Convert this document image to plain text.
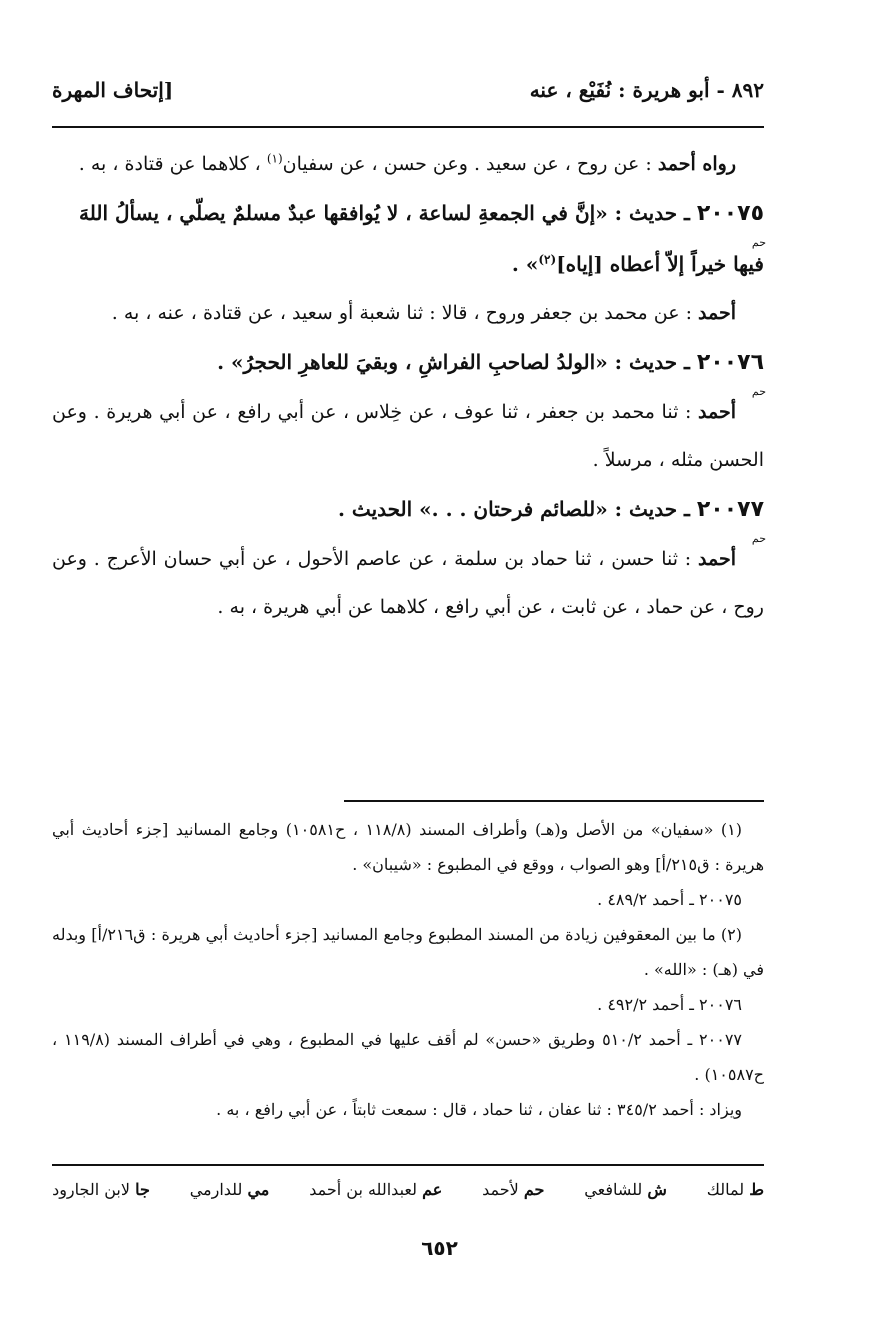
٨٩٢ - أبو هريرة : نُفَيْع ، عنه
[إتحاف المهرة

رواه أحمد : عن روح ، عن سعيد . وعن حسن ، عن سفيان$^{(١)}$ ، كلاهما عن قتادة ، به .

٢٠٠٧٥ ـ حديث : «إنَّ في الجمعةِ لساعة ، لا يُوافقها عبدٌ مسلمٌ يصلّي ، يسألُ اللهَ فيها خيراً إلاّ أعطاه [إياه]$^{(٢)}$» .
حم

أحمد : عن محمد بن جعفر وروح ، قالا : ثنا شعبة أو سعيد ، عن قتادة ، عنه ، به .

٢٠٠٧٦ ـ حديث : «الولدُ لصاحبِ الفراشِ ، وبقيَ للعاهرِ الحجرُ» .
حم

أحمد : ثنا محمد بن جعفر ، ثنا عوف ، عن خِلاس ، عن أبي رافع ، عن أبي هريرة . وعن الحسن مثله ، مرسلاً .

٢٠٠٧٧ ـ حديث : «للصائم فرحتان . . .» الحديث .
حم

أحمد : ثنا حسن ، ثنا حماد بن سلمة ، عن عاصم الأحول ، عن أبي حسان الأعرج . وعن روح ، عن حماد ، عن ثابت ، عن أبي رافع ، كلاهما عن أبي هريرة ، به .

(١) «سفيان» من الأصل و(هـ) وأطراف المسند (١١٨/٨ ، ح١٠٥٨١) وجامع المسانيد [جزء أحاديث أبي هريرة : ق٢١٥/أ] وهو الصواب ، ووقع في المطبوع : «شيبان» .

٢٠٠٧٥ ـ أحمد ٤٨٩/٢ .

(٢) ما بين المعقوفين زيادة من المسند المطبوع وجامع المسانيد [جزء أحاديث أبي هريرة : ق٢١٦/أ] وبدله في (هـ) : «الله» .

٢٠٠٧٦ ـ أحمد ٤٩٢/٢ .

٢٠٠٧٧ ـ أحمد ٥١٠/٢ وطريق «حسن» لم أقف عليها في المطبوع ، وهي في أطراف المسند (١١٩/٨ ، ح١٠٥٨٧) .

ويزاد : أحمد ٣٤٥/٢ : ثنا عفان ، ثنا حماد ، قال : سمعت ثابتاً ، عن أبي رافع ، به .

ط لمالك
ش للشافعي
حم لأحمد
عم لعبدالله بن أحمد
مي للدارمي
جا لابن الجارود
٦٥٢
